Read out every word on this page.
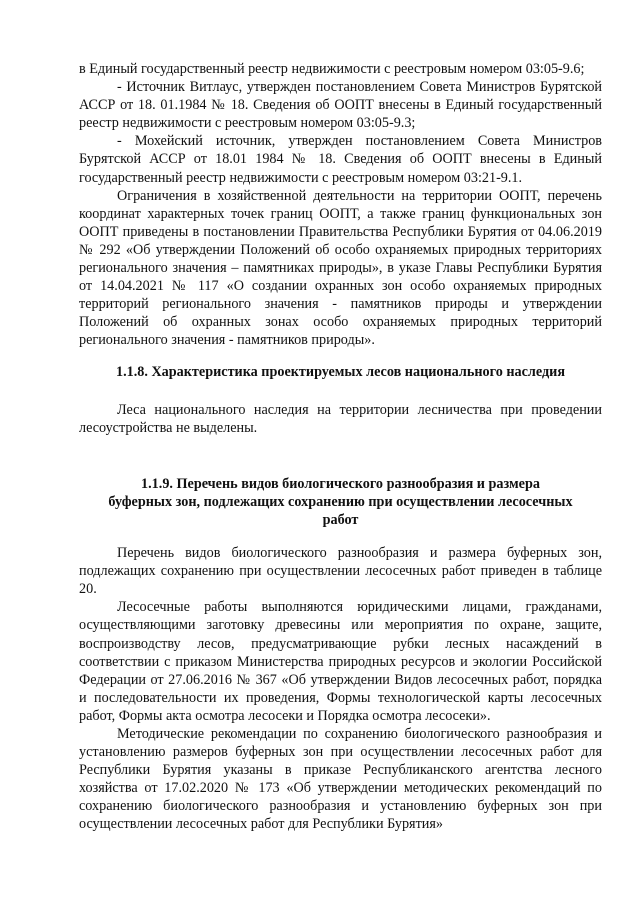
в Единый государственный реестр недвижимости с реестровым номером 03:05-9.6;

- Источник Витлаус, утвержден постановлением Совета Министров Бурятской АССР от 18. 01.1984 № 18. Сведения об ООПТ внесены в Единый государственный реестр недвижимости с реестровым номером 03:05-9.3;

- Мохейский источник, утвержден постановлением Совета Министров Бурятской АССР от 18.01 1984 № 18. Сведения об ООПТ внесены в Единый государственный реестр недвижимости с реестровым номером 03:21-9.1.

Ограничения в хозяйственной деятельности на территории ООПТ, перечень координат характерных точек границ ООПТ, а также границ функциональных зон ООПТ приведены в постановлении Правительства Республики Бурятия от 04.06.2019 № 292 «Об утверждении Положений об особо охраняемых природных территориях регионального значения – памятниках природы», в указе Главы Республики Бурятия от 14.04.2021 № 117 «О создании охранных зон особо охраняемых природных территорий регионального значения - памятников природы и утверждении Положений об охранных зонах особо охраняемых природных территорий регионального значения - памятников природы».

1.1.8. Характеристика проектируемых лесов национального наследия

Леса национального наследия на территории лесничества при проведении лесоустройства не выделены.

1.1.9. Перечень видов биологического разнообразия и размера

буферных зон, подлежащих сохранению при осуществлении лесосечных

работ

Перечень видов биологического разнообразия и размера буферных зон, подлежащих сохранению при осуществлении лесосечных работ приведен в таблице 20.

Лесосечные работы выполняются юридическими лицами, гражданами, осуществляющими заготовку древесины или мероприятия по охране, защите, воспроизводству лесов, предусматривающие рубки лесных насаждений в соответствии с приказом Министерства природных ресурсов и экологии Российской Федерации от 27.06.2016 № 367 «Об утверждении Видов лесосечных работ, порядка и последовательности их проведения, Формы технологической карты лесосечных работ, Формы акта осмотра лесосеки и Порядка осмотра лесосеки».

Методические рекомендации по сохранению биологического разнообразия и установлению размеров буферных зон при осуществлении лесосечных работ для Республики Бурятия указаны в приказе Республиканского агентства лесного хозяйства от 17.02.2020 № 173 «Об утверждении методических рекомендаций по сохранению биологического разнообразия и установлению буферных зон при осуществлении лесосечных работ для Республики Бурятия»
